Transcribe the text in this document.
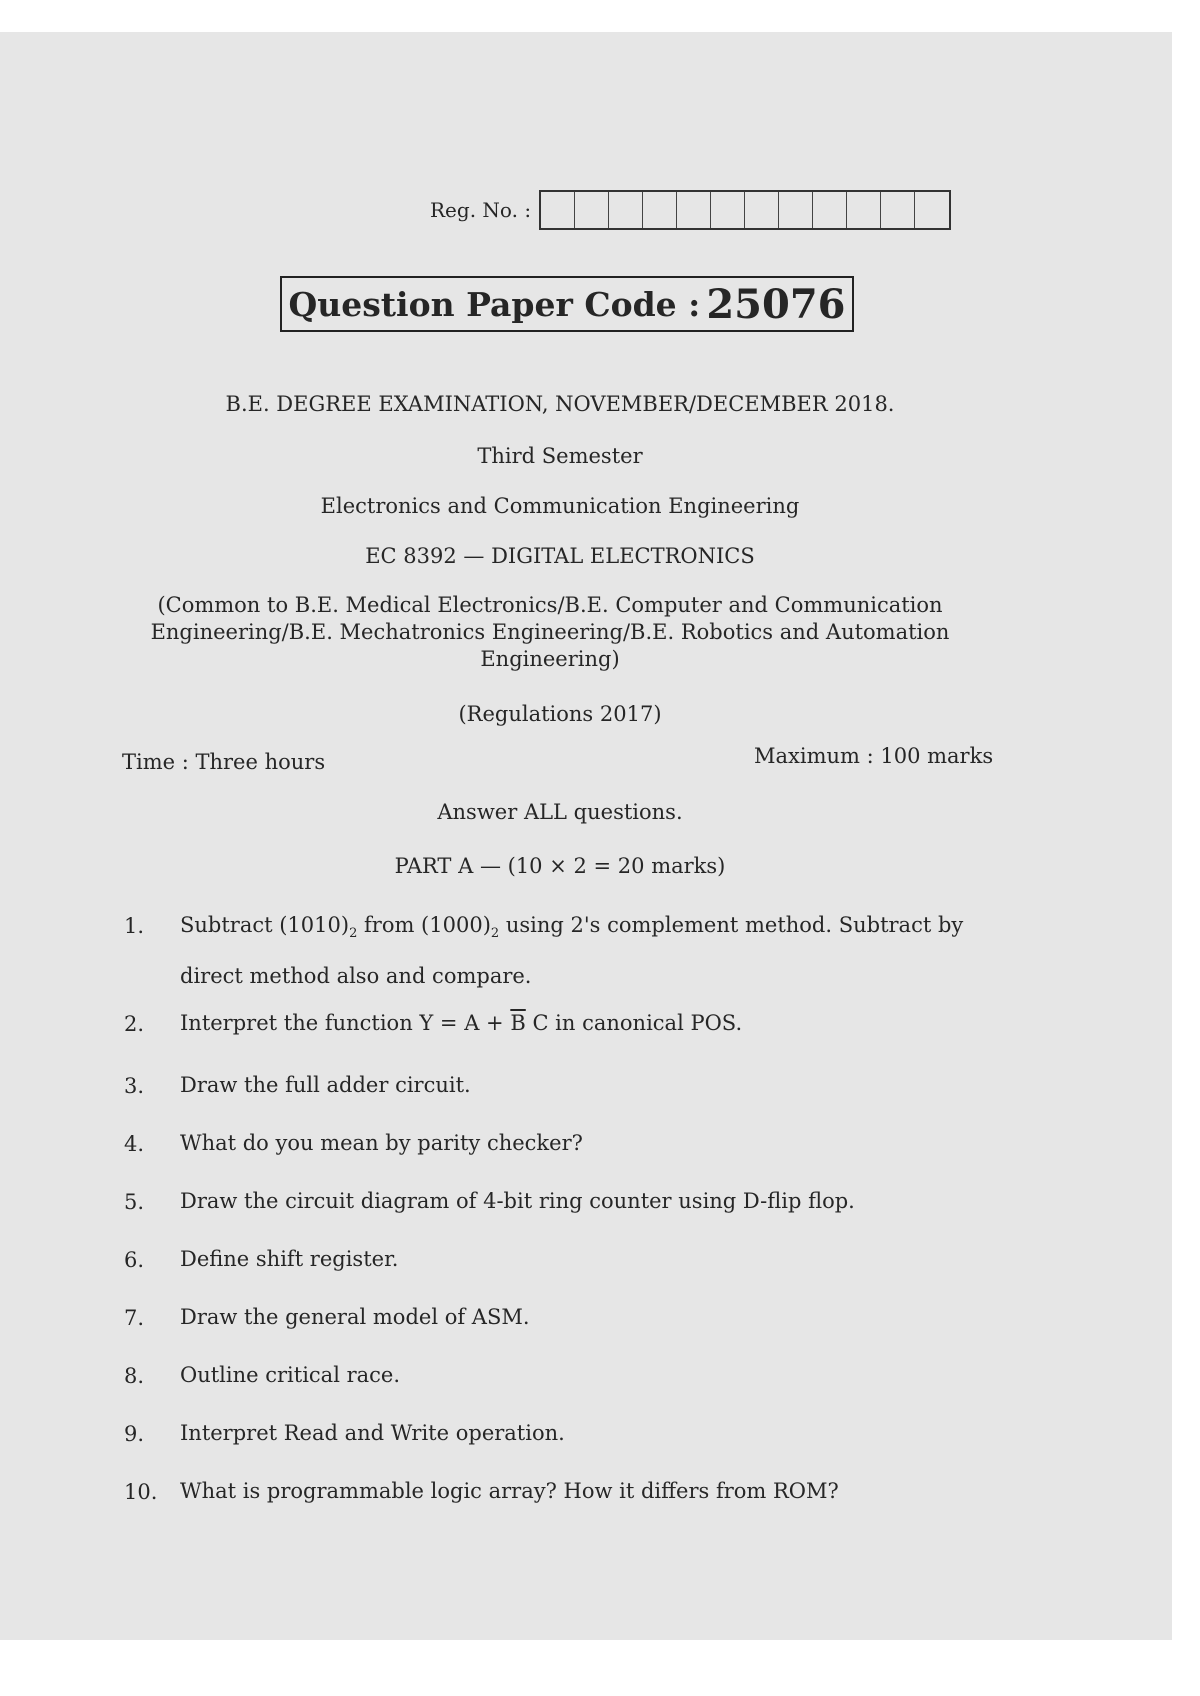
Reg. No. :
Question Paper Code : 25076
B.E. DEGREE EXAMINATION, NOVEMBER/DECEMBER 2018.
Third Semester
Electronics and Communication Engineering
EC 8392 — DIGITAL ELECTRONICS
(Common to B.E. Medical Electronics/B.E. Computer and Communication Engineering/B.E. Mechatronics Engineering/B.E. Robotics and Automation Engineering)
(Regulations 2017)
Time : Three hours	Maximum : 100 marks
Answer ALL questions.
PART A — (10 × 2 = 20 marks)
1.	Subtract $(1010)_2$ from $(1000)_2$ using 2's complement method. Subtract by direct method also and compare.
2.	Interpret the function $Y = A + \overline{B}$ C in canonical POS.
3.	Draw the full adder circuit.
4.	What do you mean by parity checker?
5.	Draw the circuit diagram of 4-bit ring counter using D-flip flop.
6.	Define shift register.
7.	Draw the general model of ASM.
8.	Outline critical race.
9.	Interpret Read and Write operation.
10.	What is programmable logic array? How it differs from ROM?
